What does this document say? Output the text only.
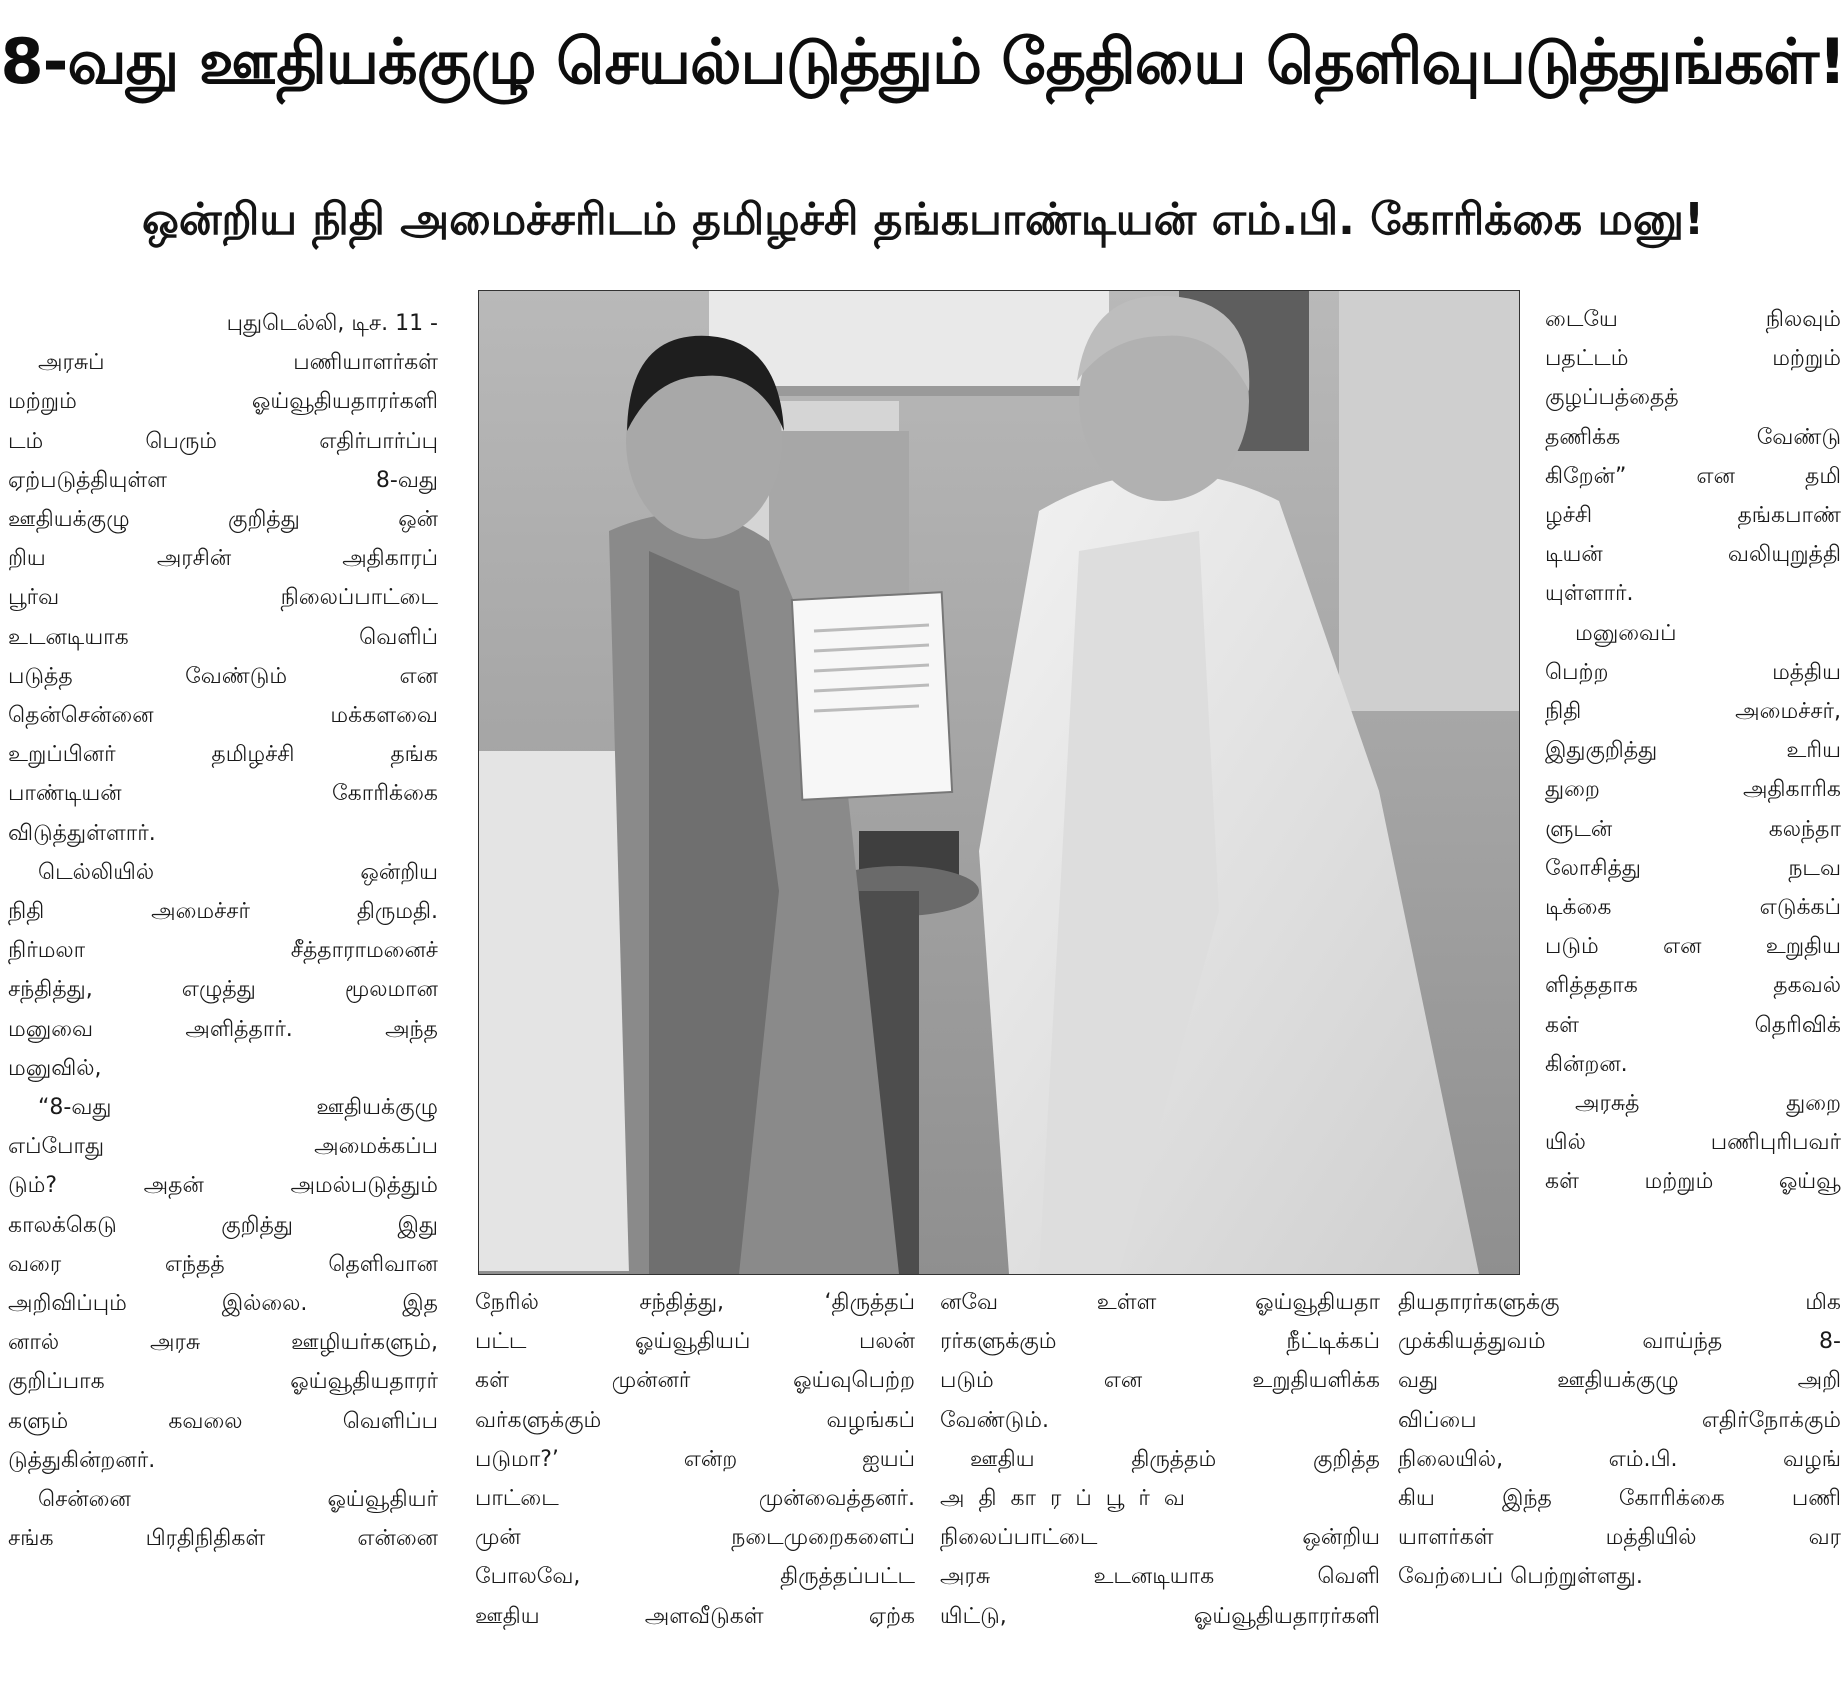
8-வது ஊதியக்குழு செயல்படுத்தும் தேதியை தெளிவுபடுத்துங்கள்!
ஒன்றிய நிதி அமைச்சரிடம் தமிழச்சி தங்கபாண்டியன் எம்.பி. கோரிக்கை மனு!

புதுடெல்லி, டிச. 11 -

அரசுப் பணியாளர்கள்

மற்றும் ஓய்வூதியதாரர்களி

டம் பெரும் எதிர்பார்ப்பு

ஏற்படுத்தியுள்ள 8-வது

ஊதியக்குழு குறித்து ஒன்

றிய அரசின் அதிகாரப்

பூர்வ நிலைப்பாட்டை

உடனடியாக வெளிப்

படுத்த வேண்டும் என

தென்சென்னை மக்களவை

உறுப்பினர் தமிழச்சி தங்க

பாண்டியன் கோரிக்கை

விடுத்துள்ளார்.

டெல்லியில் ஒன்றிய

நிதி அமைச்சர் திருமதி.

நிர்மலா சீத்தாராமனைச்

சந்தித்து, எழுத்து மூலமான

மனுவை அளித்தார். அந்த

மனுவில்,

“8-வது ஊதியக்குழு

எப்போது அமைக்கப்ப

டும்? அதன் அமல்படுத்தும்

காலக்கெடு குறித்து இது

வரை எந்தத் தெளிவான

அறிவிப்பும் இல்லை. இத

னால் அரசு ஊழியர்களும்,

குறிப்பாக ஓய்வூதியதாரர்

களும் கவலை வெளிப்ப

டுத்துகின்றனர்.

சென்னை ஓய்வூதியர்

சங்க பிரதிநிதிகள் என்னை

டையே நிலவும்

பதட்டம் மற்றும்

குழப்பத்தைத்

தணிக்க வேண்டு

கிறேன்” என தமி

ழச்சி தங்கபாண்

டியன் வலியுறுத்தி

யுள்ளார்.

மனுவைப்

பெற்ற மத்திய

நிதி அமைச்சர்,

இதுகுறித்து உரிய

துறை அதிகாரிக

ளுடன் கலந்தா

லோசித்து நடவ

டிக்கை எடுக்கப்

படும் என உறுதிய

ளித்ததாக தகவல்

கள் தெரிவிக்

கின்றன.

அரசுத் துறை

யில் பணிபுரிபவர்

கள் மற்றும் ஓய்வூ

நேரில் சந்தித்து, ‘திருத்தப்

பட்ட ஓய்வூதியப் பலன்

கள் முன்னர் ஓய்வுபெற்ற

வர்களுக்கும் வழங்கப்

படுமா?’ என்ற ஐயப்

பாட்டை முன்வைத்தனர்.

முன் நடைமுறைகளைப்

போலவே, திருத்தப்பட்ட

ஊதிய அளவீடுகள் ஏற்க

னவே உள்ள ஓய்வூதியதா

ரர்களுக்கும் நீட்டிக்கப்

படும் என உறுதியளிக்க

வேண்டும்.

ஊதிய திருத்தம் குறித்த

அதிகாரப்பூர்வ

நிலைப்பாட்டை ஒன்றிய

அரசு உடனடியாக வெளி

யிட்டு, ஓய்வூதியதாரர்களி

தியதாரர்களுக்கு மிக

முக்கியத்துவம் வாய்ந்த 8-

வது ஊதியக்குழு அறி

விப்பை எதிர்நோக்கும்

நிலையில், எம்.பி. வழங்

கிய இந்த கோரிக்கை பணி

யாளர்கள் மத்தியில் வர

வேற்பைப் பெற்றுள்ளது.
